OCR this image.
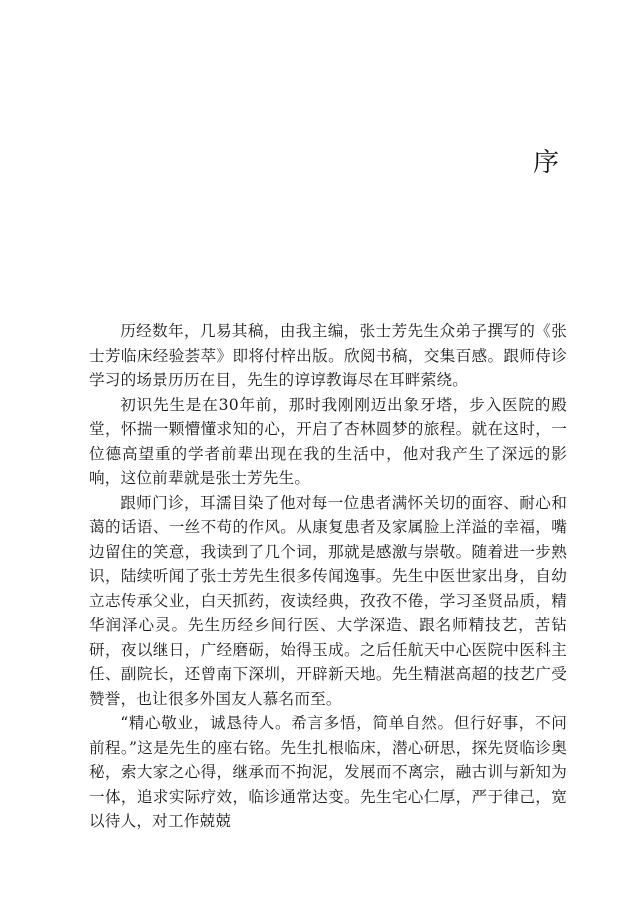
序

历经数年，几易其稿，由我主编，张士芳先生众弟子撰写的《张士芳临床经验荟萃》即将付梓出版。欣阅书稿，交集百感。跟师侍诊学习的场景历历在目，先生的谆谆教诲尽在耳畔萦绕。

初识先生是在30年前，那时我刚刚迈出象牙塔，步入医院的殿堂，怀揣一颗懵懂求知的心，开启了杏林圆梦的旅程。就在这时，一位德高望重的学者前辈出现在我的生活中，他对我产生了深远的影响，这位前辈就是张士芳先生。

跟师门诊，耳濡目染了他对每一位患者满怀关切的面容、耐心和蔼的话语、一丝不苟的作风。从康复患者及家属脸上洋溢的幸福，嘴边留住的笑意，我读到了几个词，那就是感激与崇敬。随着进一步熟识，陆续听闻了张士芳先生很多传闻逸事。先生中医世家出身，自幼立志传承父业，白天抓药，夜读经典，孜孜不倦，学习圣贤品质，精华润泽心灵。先生历经乡间行医、大学深造、跟名师精技艺，苦钻研，夜以继日，广经磨砺，始得玉成。之后任航天中心医院中医科主任、副院长，还曾南下深圳，开辟新天地。先生精湛高超的技艺广受赞誉，也让很多外国友人慕名而至。

“精心敬业，诚恳待人。希言多悟，简单自然。但行好事，不问前程。”这是先生的座右铭。先生扎根临床，潜心研思，探先贤临诊奥秘，索大家之心得，继承而不拘泥，发展而不离宗，融古训与新知为一体，追求实际疗效，临诊通常达变。先生宅心仁厚，严于律己，宽以待人，对工作兢兢
